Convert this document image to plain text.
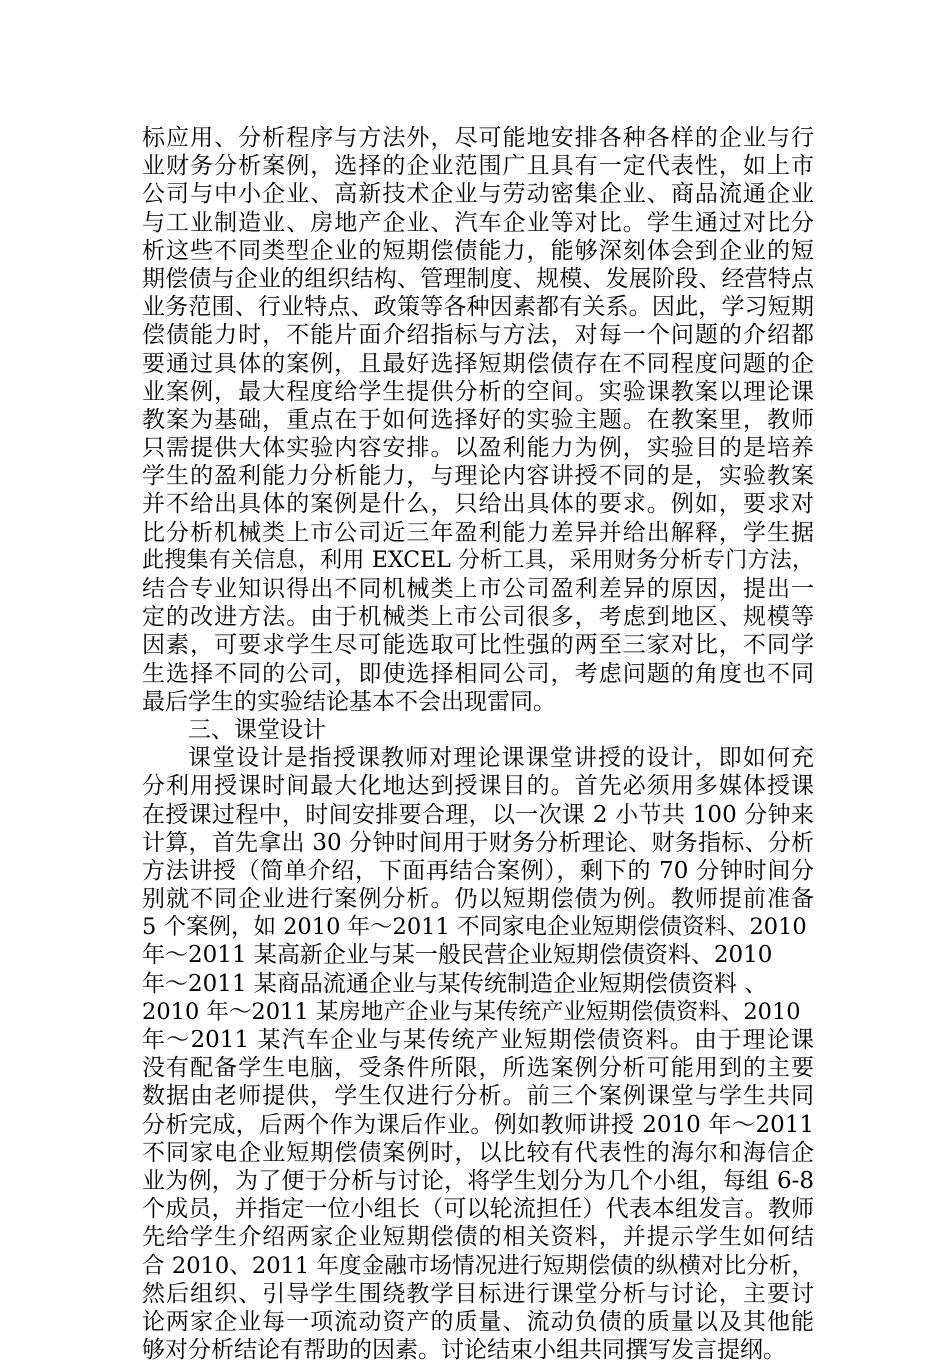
标应用、分析程序与方法外，尽可能地安排各种各样的企业与行
业财务分析案例，选择的企业范围广且具有一定代表性，如上市
公司与中小企业、高新技术企业与劳动密集企业、商品流通企业
与工业制造业、房地产企业、汽车企业等对比。学生通过对比分
析这些不同类型企业的短期偿债能力，能够深刻体会到企业的短
期偿债与企业的组织结构、管理制度、规模、发展阶段、经营特点
业务范围、行业特点、政策等各种因素都有关系。因此，学习短期
偿债能力时，不能片面介绍指标与方法，对每一个问题的介绍都
要通过具体的案例，且最好选择短期偿债存在不同程度问题的企
业案例，最大程度给学生提供分析的空间。实验课教案以理论课
教案为基础，重点在于如何选择好的实验主题。在教案里，教师
只需提供大体实验内容安排。以盈利能力为例，实验目的是培养
学生的盈利能力分析能力，与理论内容讲授不同的是，实验教案
并不给出具体的案例是什么，只给出具体的要求。例如，要求对
比分析机械类上市公司近三年盈利能力差异并给出解释，学生据
此搜集有关信息，利用 EXCEL 分析工具，采用财务分析专门方法，
结合专业知识得出不同机械类上市公司盈利差异的原因，提出一
定的改进方法。由于机械类上市公司很多，考虑到地区、规模等
因素，可要求学生尽可能选取可比性强的两至三家对比，不同学
生选择不同的公司，即使选择相同公司，考虑问题的角度也不同
最后学生的实验结论基本不会出现雷同。
三、课堂设计
课堂设计是指授课教师对理论课课堂讲授的设计，即如何充
分利用授课时间最大化地达到授课目的。首先必须用多媒体授课
在授课过程中，时间安排要合理，以一次课 2 小节共 100 分钟来
计算，首先拿出 30 分钟时间用于财务分析理论、财务指标、分析
方法讲授（简单介绍，下面再结合案例），剩下的 70 分钟时间分
别就不同企业进行案例分析。仍以短期偿债为例。教师提前准备
5 个案例，如 2010 年～2011 不同家电企业短期偿债资料、2010
年～2011 某高新企业与某一般民营企业短期偿债资料、2010
年～2011 某商品流通企业与某传统制造企业短期偿债资料 、
2010 年～2011 某房地产企业与某传统产业短期偿债资料、2010
年～2011 某汽车企业与某传统产业短期偿债资料。由于理论课
没有配备学生电脑，受条件所限，所选案例分析可能用到的主要
数据由老师提供，学生仅进行分析。前三个案例课堂与学生共同
分析完成，后两个作为课后作业。例如教师讲授 2010 年～2011
不同家电企业短期偿债案例时，以比较有代表性的海尔和海信企
业为例，为了便于分析与讨论，将学生划分为几个小组，每组 6-8
个成员，并指定一位小组长（可以轮流担任）代表本组发言。教师
先给学生介绍两家企业短期偿债的相关资料，并提示学生如何结
合 2010、2011 年度金融市场情况进行短期偿债的纵横对比分析，
然后组织、引导学生围绕教学目标进行课堂分析与讨论，主要讨
论两家企业每一项流动资产的质量、流动负债的质量以及其他能
够对分析结论有帮助的因素。讨论结束小组共同撰写发言提纲。
